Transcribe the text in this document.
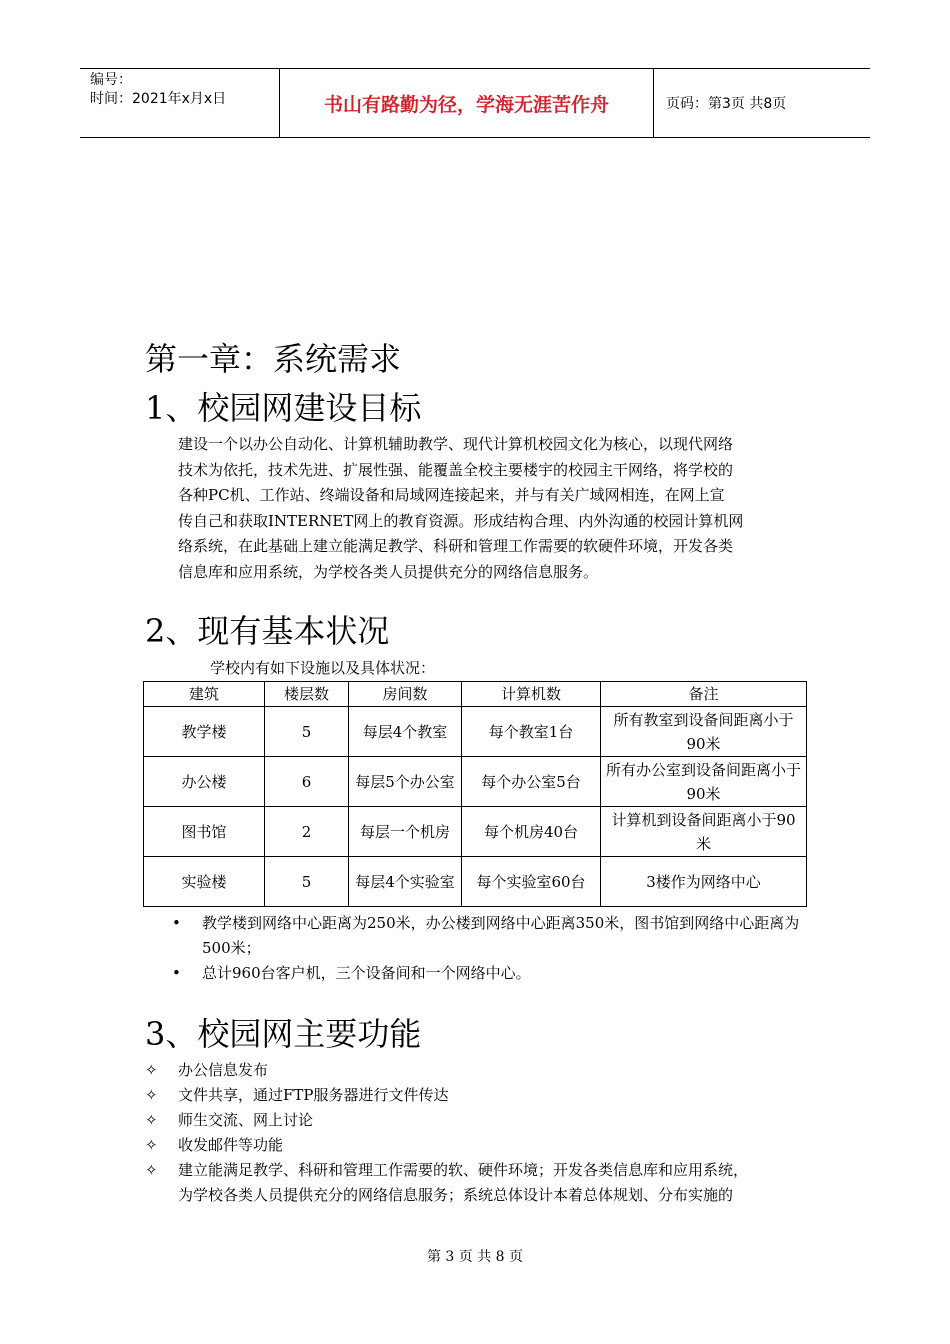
编号：
时间：2021年x月x日	书山有路勤为径，学海无涯苦作舟	页码：第3页 共8页
第一章：系统需求
1、校园网建设目标
建设一个以办公自动化、计算机辅助教学、现代计算机校园文化为核心，以现代网络
技术为依托，技术先进、扩展性强、能覆盖全校主要楼宇的校园主干网络，将学校的
各种PC机、工作站、终端设备和局域网连接起来，并与有关广域网相连，在网上宣
传自己和获取INTERNET网上的教育资源。形成结构合理、内外沟通的校园计算机网
络系统，在此基础上建立能满足教学、科研和管理工作需要的软硬件环境，开发各类
信息库和应用系统，为学校各类人员提供充分的网络信息服务。
2、现有基本状况
学校内有如下设施以及具体状况：
建筑	楼层数	房间数	计算机数	备注
教学楼	5	每层4个教室	每个教室1台	所有教室到设备间距离小于90米
办公楼	6	每层5个办公室	每个办公室5台	所有办公室到设备间距离小于90米
图书馆	2	每层一个机房	每个机房40台	计算机到设备间距离小于90米
实验楼	5	每层4个实验室	每个实验室60台	3楼作为网络中心
• 教学楼到网络中心距离为250米，办公楼到网络中心距离350米，图书馆到网络中心距离为500米；
• 总计960台客户机，三个设备间和一个网络中心。
3、校园网主要功能
✧ 办公信息发布
✧ 文件共享，通过FTP服务器进行文件传达
✧ 师生交流、网上讨论
✧ 收发邮件等功能
✧ 建立能满足教学、科研和管理工作需要的软、硬件环境；开发各类信息库和应用系统，
为学校各类人员提供充分的网络信息服务；系统总体设计本着总体规划、分布实施的
第 3 页 共 8 页
